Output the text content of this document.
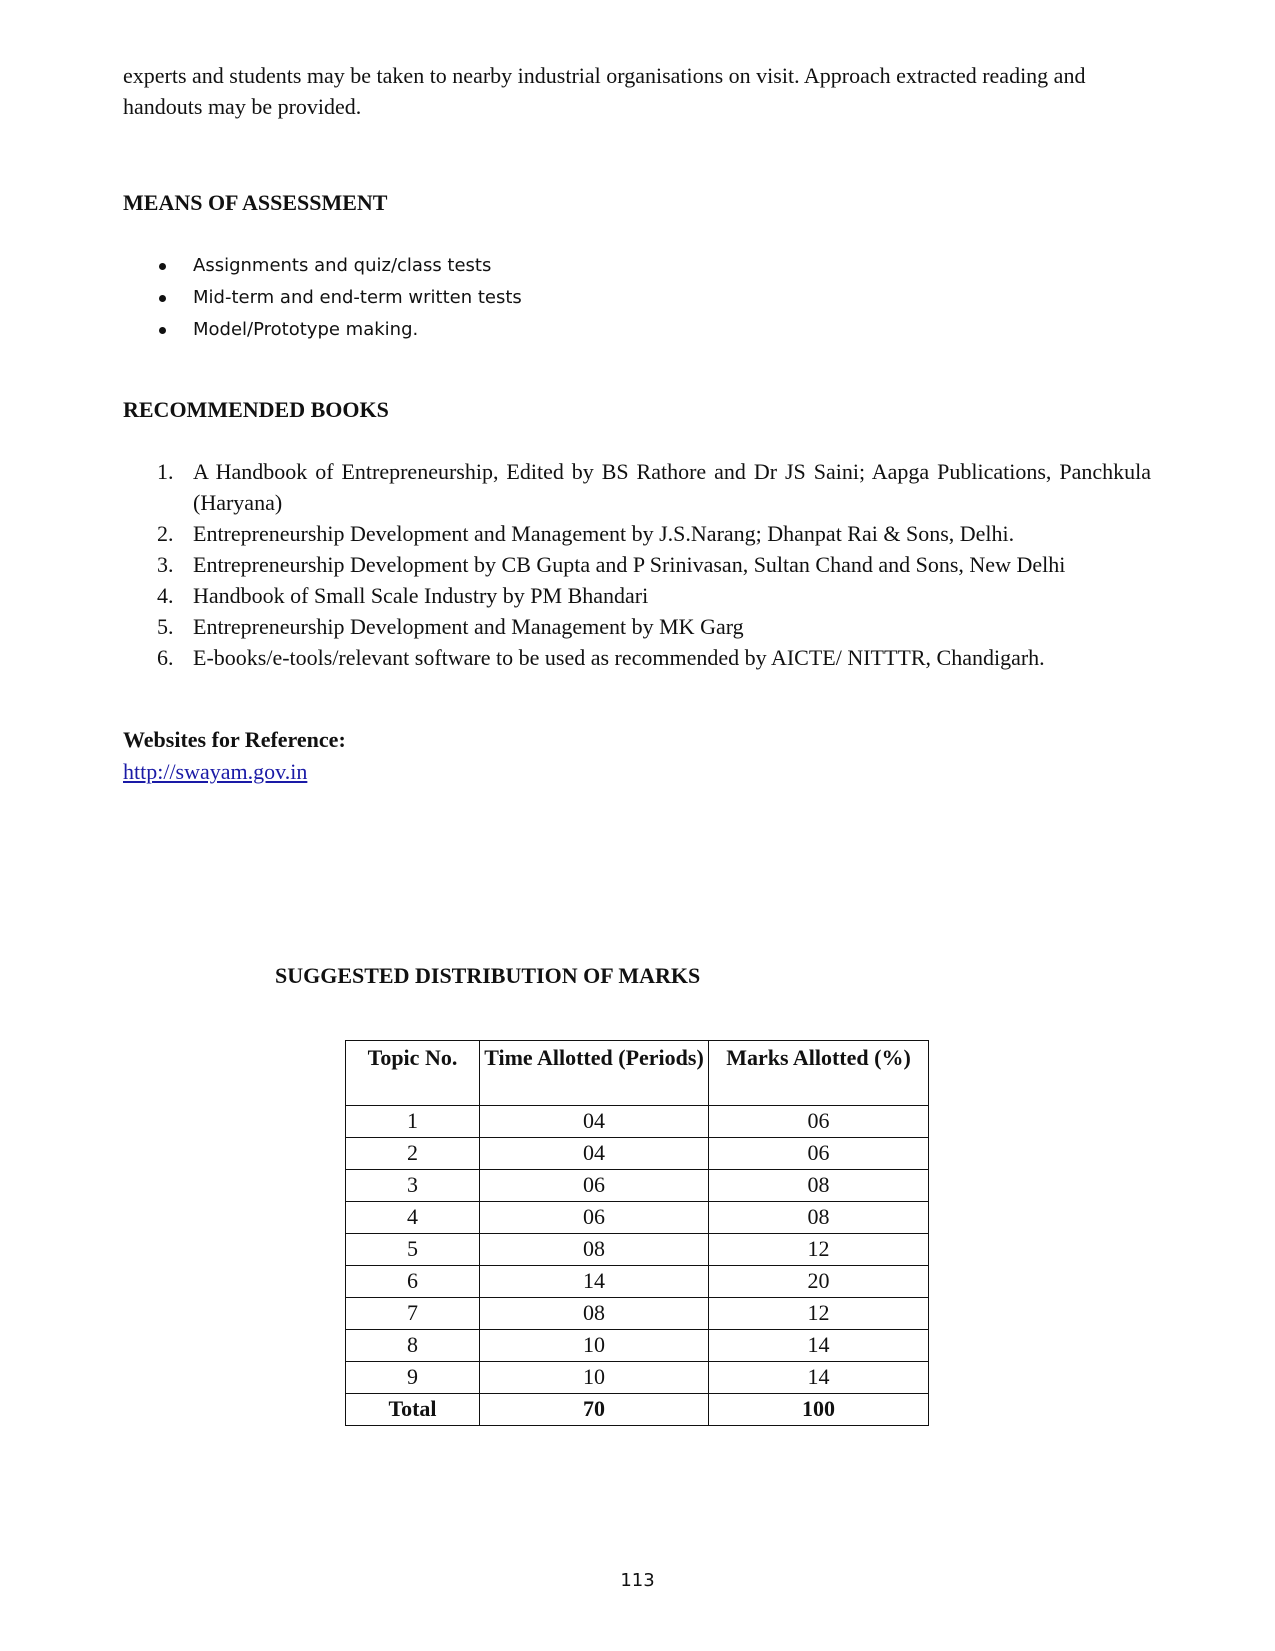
experts and students may be taken to nearby industrial organisations on visit. Approach extracted reading and handouts may be provided.

MEANS OF ASSESSMENT
Assignments and quiz/class tests
Mid-term and end-term written tests
Model/Prototype making.
RECOMMENDED BOOKS
1. A Handbook of Entrepreneurship, Edited by BS Rathore and Dr JS Saini; Aapga Publications, Panchkula (Haryana)
2. Entrepreneurship Development and Management by J.S.Narang; Dhanpat Rai & Sons, Delhi.
3. Entrepreneurship Development by CB Gupta and P Srinivasan, Sultan Chand and Sons, New Delhi
4. Handbook of Small Scale Industry by PM Bhandari
5. Entrepreneurship Development and Management by MK Garg
6. E-books/e-tools/relevant software to be used as recommended by AICTE/ NITTTR, Chandigarh.
Websites for Reference:
http://swayam.gov.in
SUGGESTED DISTRIBUTION OF MARKS
Topic No.	Time Allotted (Periods)	Marks Allotted (%)
1	04	06
2	04	06
3	06	08
4	06	08
5	08	12
6	14	20
7	08	12
8	10	14
9	10	14
Total	70	100
113
